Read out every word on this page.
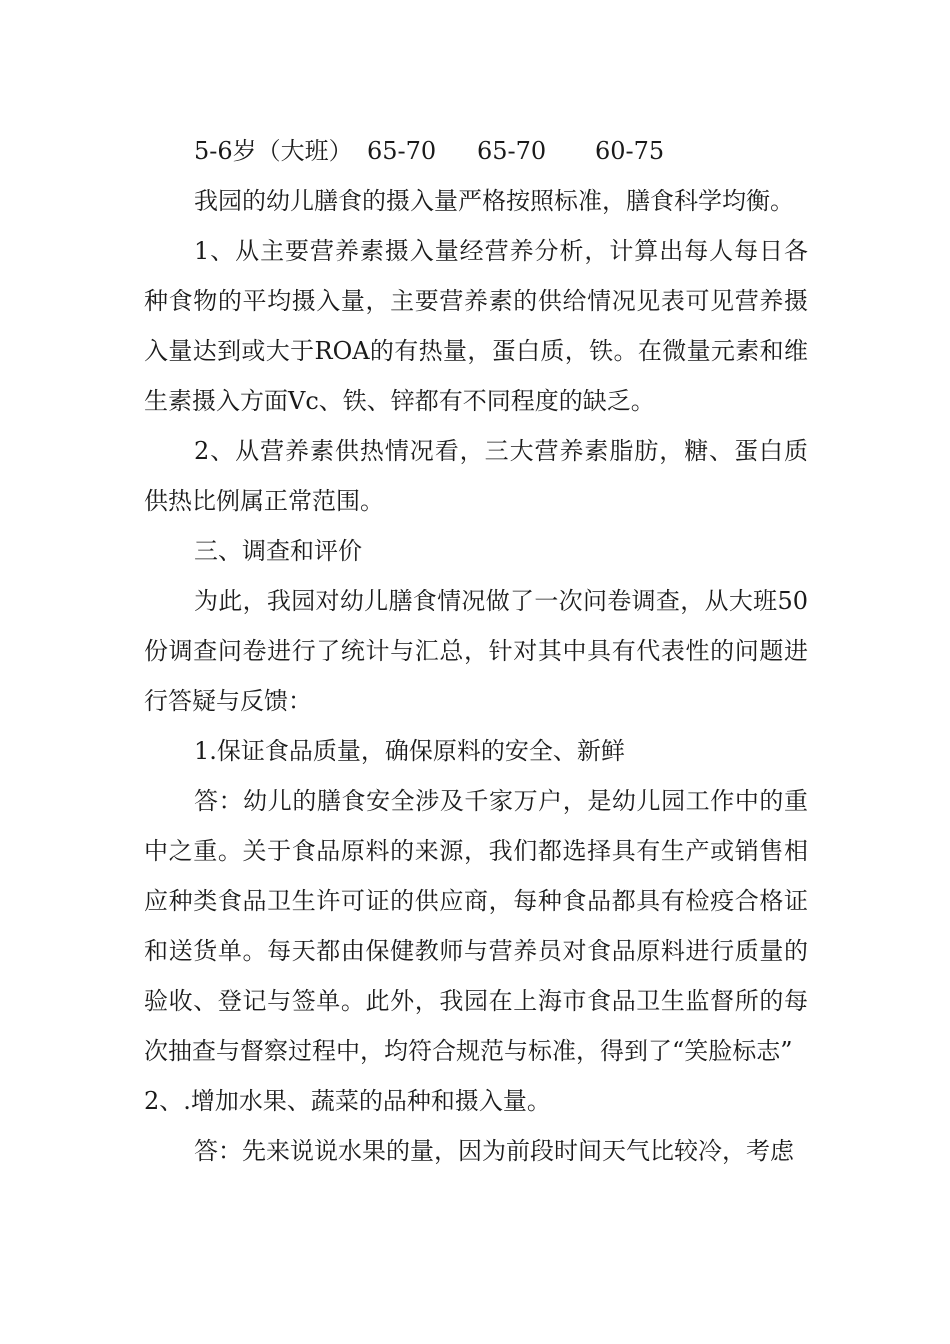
5-6岁（大班） 65-70	65-70	60-75

我园的幼儿膳食的摄入量严格按照标准，膳食科学均衡。

1、从主要营养素摄入量经营养分析，计算出每人每日各种食物的平均摄入量，主要营养素的供给情况见表可见营养摄入量达到或大于ROA的有热量，蛋白质，铁。在微量元素和维生素摄入方面Vc、铁、锌都有不同程度的缺乏。

2、从营养素供热情况看，三大营养素脂肪，糖、蛋白质供热比例属正常范围。

三、调查和评价

为此，我园对幼儿膳食情况做了一次问卷调查，从大班50份调查问卷进行了统计与汇总，针对其中具有代表性的问题进行答疑与反馈：

1.保证食品质量，确保原料的安全、新鲜

答：幼儿的膳食安全涉及千家万户，是幼儿园工作中的重中之重。关于食品原料的来源，我们都选择具有生产或销售相应种类食品卫生许可证的供应商，每种食品都具有检疫合格证和送货单。每天都由保健教师与营养员对食品原料进行质量的验收、登记与签单。此外，我园在上海市食品卫生监督所的每次抽查与督察过程中，均符合规范与标准，得到了“笑脸标志”

2、.增加水果、蔬菜的品种和摄入量。

答：先来说说水果的量，因为前段时间天气比较冷，考虑
